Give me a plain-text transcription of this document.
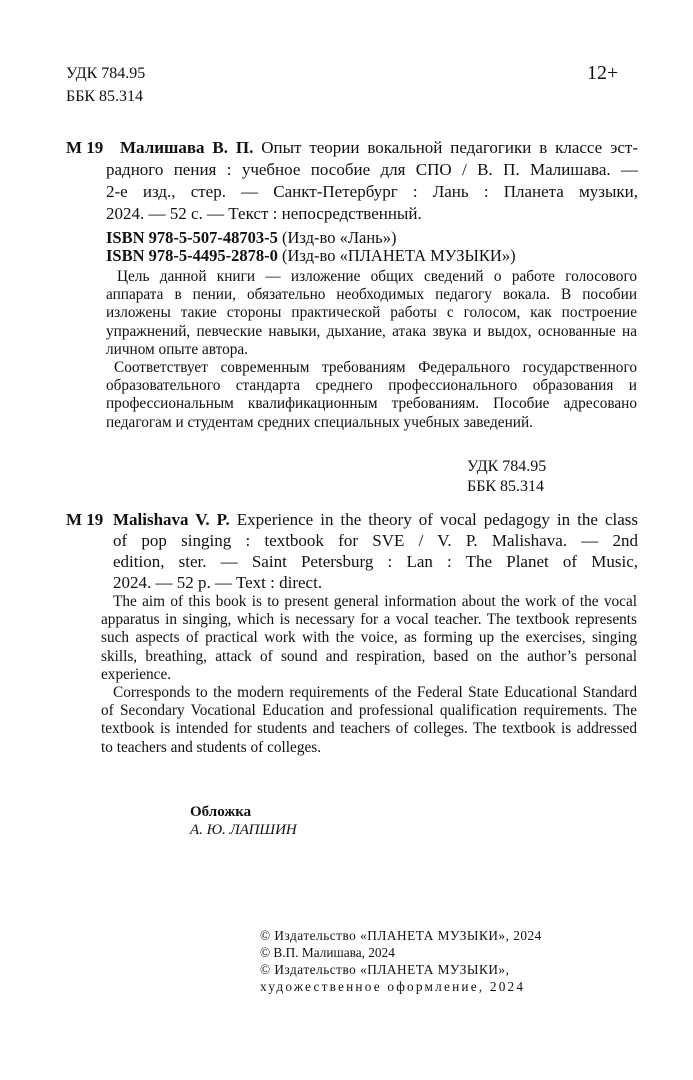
УДК 784.95
ББК 85.314
12+
М 19 Малишава В. П. Опыт теории вокальной педагогики в классе эст-
радного пения : учебное пособие для СПО / В. П. Малишава. —
2-е изд., стер. — Санкт-Петербург : Лань : Планета музыки,
2024. — 52 с. — Текст : непосредственный.
ISBN 978-5-507-48703-5 (Изд-во «Лань»)
ISBN 978-5-4495-2878-0 (Изд-во «ПЛАНЕТА МУЗЫКИ»)
Цель данной книги — изложение общих сведений о работе голосового
аппарата в пении, обязательно необходимых педагогу вокала. В пособии
изложены такие стороны практической работы с голосом, как построение
упражнений, певческие навыки, дыхание, атака звука и выдох, основанные на
личном опыте автора.
Соответствует современным требованиям Федерального государственного
образовательного стандарта среднего профессионального образования и
профессиональным квалификационным требованиям. Пособие адресовано
педагогам и студентам средних специальных учебных заведений.
УДК 784.95
ББК 85.314
M 19 Malishava V. P. Experience in the theory of vocal pedagogy in the class
of pop singing : textbook for SVE / V. P. Malishava. — 2nd
edition, ster. — Saint Petersburg : Lan : The Planet of Music,
2024. — 52 p. — Text : direct.
The aim of this book is to present general information about the work of the vocal
apparatus in singing, which is necessary for a vocal teacher. The textbook represents
such aspects of practical work with the voice, as forming up the exercises, singing
skills, breathing, attack of sound and respiration, based on the author’s personal
experience.
Corresponds to the modern requirements of the Federal State Educational Standard
of Secondary Vocational Education and professional qualification requirements. The
textbook is intended for students and teachers of colleges. The textbook is addressed
to teachers and students of colleges.
Обложка
А. Ю. ЛАПШИН
© Издательство «ПЛАНЕТА МУЗЫКИ», 2024
© В.П. Малишава, 2024
© Издательство «ПЛАНЕТА МУЗЫКИ»,
художественное оформление, 2024
